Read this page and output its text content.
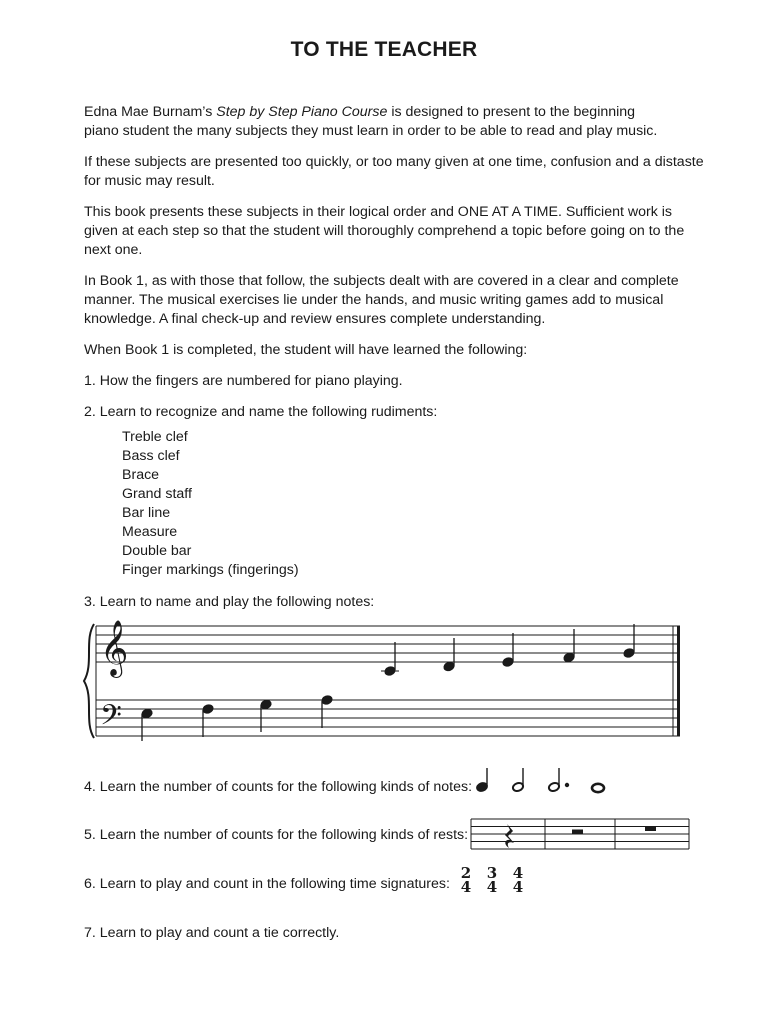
TO THE TEACHER
Edna Mae Burnam’s Step by Step Piano Course is designed to present to the beginning
piano student the many subjects they must learn in order to be able to read and play music.
If these subjects are presented too quickly, or too many given at one time, confusion and a distaste
for music may result.
This book presents these subjects in their logical order and ONE AT A TIME. Sufficient work is
given at each step so that the student will thoroughly comprehend a topic before going on to the
next one.
In Book 1, as with those that follow, the subjects dealt with are covered in a clear and complete
manner. The musical exercises lie under the hands, and music writing games add to musical
knowledge. A final check-up and review ensures complete understanding.
When Book 1 is completed, the student will have learned the following:
1. How the fingers are numbered for piano playing.
2. Learn to recognize and name the following rudiments:
Treble clef
Bass clef
Brace
Grand staff
Bar line
Measure
Double bar
Finger markings (fingerings)
3. Learn to name and play the following notes:
𝄞
𝄢
4. Learn the number of counts for the following kinds of notes:
5. Learn the number of counts for the following kinds of rests:
6. Learn to play and count in the following time signatures:
2
4
3
4
4
4
7. Learn to play and count a tie correctly.
